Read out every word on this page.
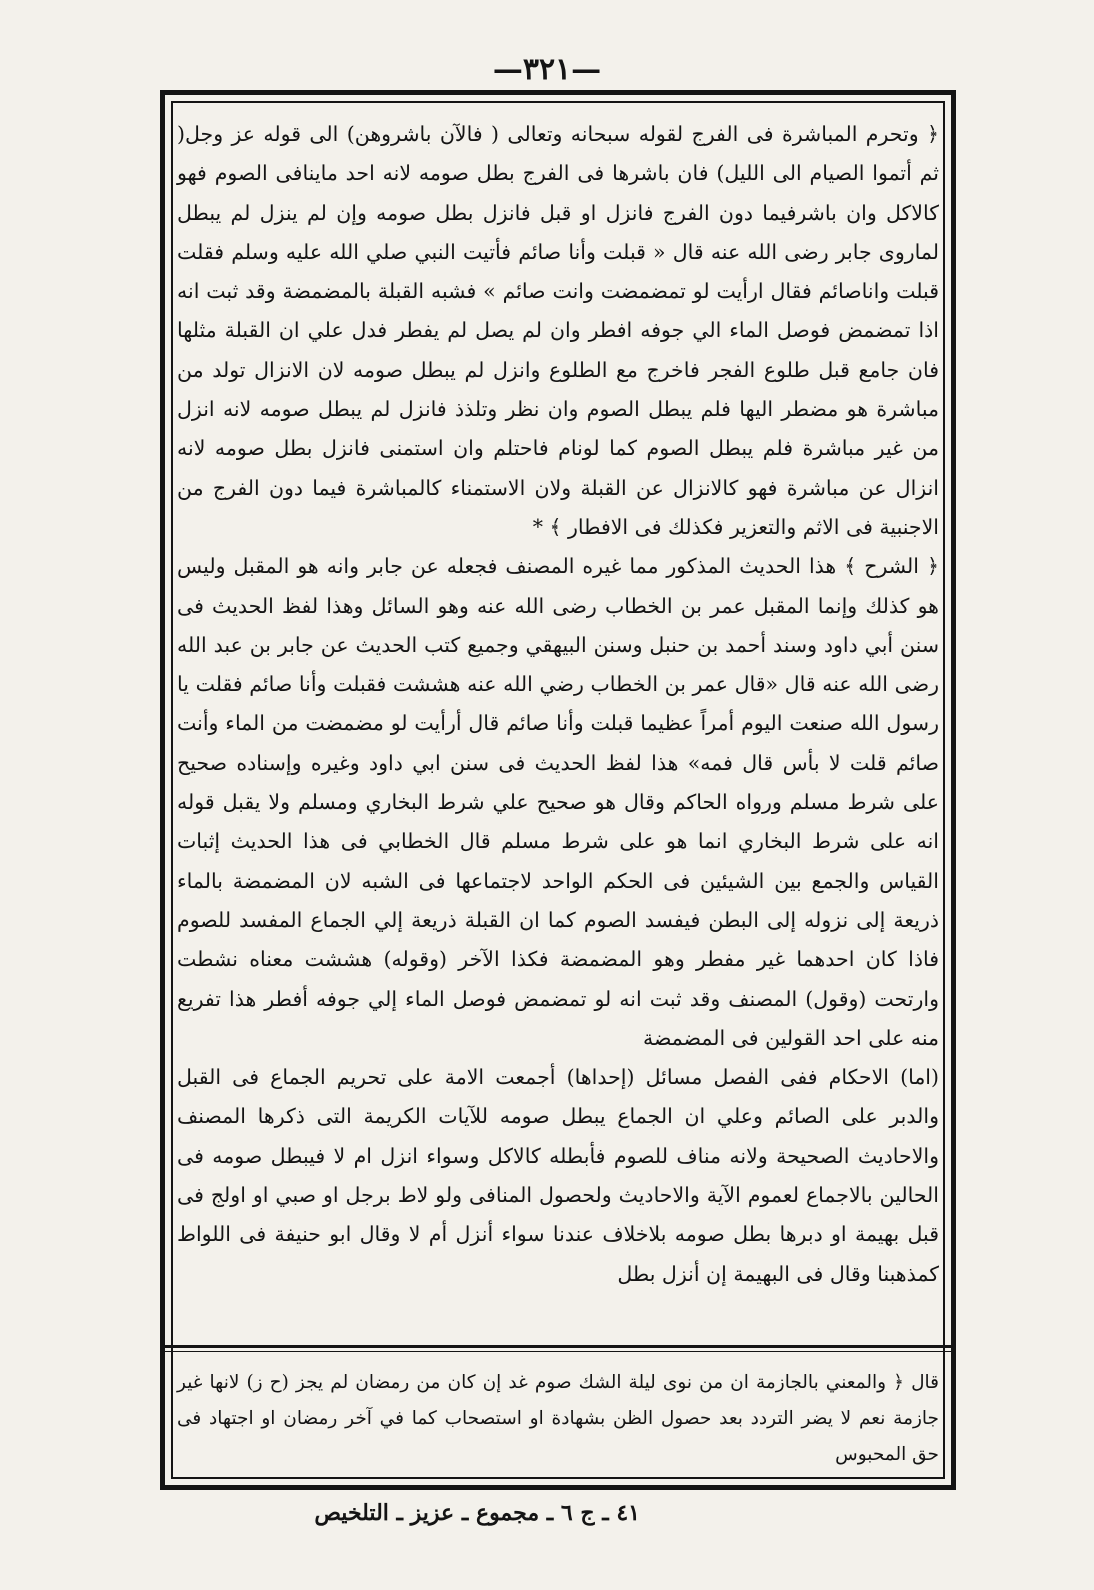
—٣٢١—

﴿ وتحرم المباشرة فى الفرج لقوله سبحانه وتعالى ( فالآن باشروهن) الى قوله عز وجل( ثم أتموا الصيام الى الليل) فان باشرها فى الفرج بطل صومه لانه احد ماينافى الصوم فهو كالاكل وان باشرفيما دون الفرج فانزل او قبل فانزل بطل صومه وإن لم ينزل لم يبطل لماروى جابر رضى الله عنه قال « قبلت وأنا صائم فأتيت النبي صلي الله عليه وسلم فقلت قبلت واناصائم فقال ارأيت لو تمضمضت وانت صائم » فشبه القبلة بالمضمضة وقد ثبت انه اذا تمضمض فوصل الماء الي جوفه افطر وان لم يصل لم يفطر فدل علي ان القبلة مثلها فان جامع قبل طلوع الفجر فاخرج مع الطلوع وانزل لم يبطل صومه لان الانزال تولد من مباشرة هو مضطر اليها فلم يبطل الصوم وان نظر وتلذذ فانزل لم يبطل صومه لانه انزل من غير مباشرة فلم يبطل الصوم كما لونام فاحتلم وان استمنى فانزل بطل صومه لانه انزال عن مباشرة فهو كالانزال عن القبلة ولان الاستمناء كالمباشرة فيما دون الفرج من الاجنبية فى الاثم والتعزير فكذلك فى الافطار ﴾ *

﴿ الشرح ﴾ هذا الحديث المذكور مما غيره المصنف فجعله عن جابر وانه هو المقبل وليس هو كذلك وإنما المقبل عمر بن الخطاب رضى الله عنه وهو السائل وهذا لفظ الحديث فى سنن أبي داود وسند أحمد بن حنبل وسنن البيهقي وجميع كتب الحديث عن جابر بن عبد الله رضى الله عنه قال «قال عمر بن الخطاب رضي الله عنه هششت فقبلت وأنا صائم فقلت يا رسول الله صنعت اليوم أمراً عظيما قبلت وأنا صائم قال أرأيت لو مضمضت من الماء وأنت صائم قلت لا بأس قال فمه» هذا لفظ الحديث فى سنن ابي داود وغيره وإسناده صحيح على شرط مسلم ورواه الحاكم وقال هو صحيح علي شرط البخاري ومسلم ولا يقبل قوله انه على شرط البخاري انما هو على شرط مسلم قال الخطابي فى هذا الحديث إثبات القياس والجمع بين الشيئين فى الحكم الواحد لاجتماعها فى الشبه لان المضمضة بالماء ذريعة إلى نزوله إلى البطن فيفسد الصوم كما ان القبلة ذريعة إلي الجماع المفسد للصوم فاذا كان احدهما غير مفطر وهو المضمضة فكذا الآخر (وقوله) هششت معناه نشطت وارتحت (وقول) المصنف وقد ثبت انه لو تمضمض فوصل الماء إلي جوفه أفطر هذا تفريع منه على احد القولين فى المضمضة

(اما) الاحكام ففى الفصل مسائل (إحداها) أجمعت الامة على تحريم الجماع فى القبل والدبر على الصائم وعلي ان الجماع يبطل صومه للآيات الكريمة التى ذكرها المصنف والاحاديث الصحيحة ولانه مناف للصوم فأبطله كالاكل وسواء انزل ام لا فيبطل صومه فى الحالين بالاجماع لعموم الآية والاحاديث ولحصول المنافى ولو لاط برجل او صبي او اولج فى قبل بهيمة او دبرها بطل صومه بلاخلاف عندنا سواء أنزل أم لا وقال ابو حنيفة فى اللواط كمذهبنا وقال فى البهيمة إن أنزل بطل

قال ﴿ والمعني بالجازمة ان من نوى ليلة الشك صوم غد إن كان من رمضان لم يجز (ح ز) لانها غير جازمة نعم لا يضر التردد بعد حصول الظن بشهادة او استصحاب كما في آخر رمضان او اجتهاد فى حق المحبوس

٤١ ـ ج ٦ ـ مجموع ـ عزيز ـ التلخيص
